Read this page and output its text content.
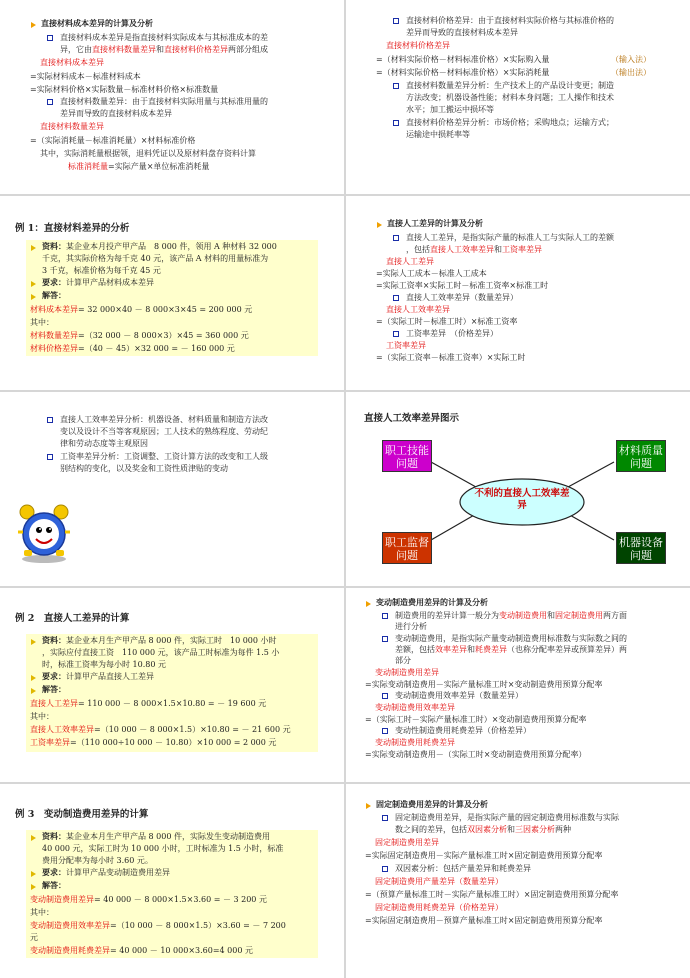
直接材料成本差异的计算及分析
直接材料成本差异是指直接材料实际成本与其标准成本的差
异，它由直接材料数量差异和直接材料价格差异两部分组成
直接材料成本差异
=实际材料成本－标准材料成本
=实际材料价格×实际数量－标准材料价格×标准数量
直接材料数量差异：由于直接材料实际用量与其标准用量的
差异而导致的直接材料成本差异
直接材料数量差异
=（实际消耗量－标准消耗量）×材料标准价格
其中，实际消耗量根据领，退料凭证以及原材料盘存资料计算
标准消耗量=实际产量×单位标准消耗量
直接材料价格差异：由于直接材料实际价格与其标准价格的
差异而导致的直接材料成本差异
直接材料价格差异
=（材料实际价格－材料标准价格）×实际购入量	（输入法）
=（材料实际价格－材料标准价格）×实际消耗量	（输出法）
直接材料数量差异分析：生产技术上的产品设计变更；制造
方法改变；机器设备性能；材料本身问题；工人操作和技术
水平；加工搬运中损坏等
直接材料价格差异分析：市场价格；采购地点；运输方式；
运输途中损耗率等
例 1：直接材料差异的分析
资料：某企业本月投产甲产品　8 000 件，领用 A 种材料 32 000
千克，其实际价格为每千克 40 元，该产品 A 材料的用量标准为
3 千克，标准价格为每千克 45 元
要求：计算甲产品材料成本差异
解答：
材料成本差异= 32 000×40 － 8 000×3×45 = 200 000 元
其中：
材料数量差异=（32 000 － 8 000×3）×45 = 360 000 元
材料价格差异=（40 － 45）×32 000 = － 160 000 元
直接人工差异的计算及分析
直接人工差异，是指实际产量的标准人工与实际人工的差额
，包括直接人工效率差异和工资率差异
直接人工差异
=实际人工成本－标准人工成本
=实际工资率×实际工时－标准工资率×标准工时
直接人工效率差异（数量差异）
直接人工效率差异
=（实际工时－标准工时）×标准工资率
工资率差异　（价格差异）
工资率差异
=（实际工资率－标准工资率）×实际工时
直接人工效率差异分析：机器设备、材料质量和制造方法改
变以及设计不当等客观原因；工人技术的熟练程度、劳动纪
律和劳动态度等主观原因
工资率差异分析：工资调整、工资计算方法的改变和工人级
别结构的变化，以及奖金和工资性质津贴的变动
直接人工效率差异图示
不利的直接人工效率差异
职工技能问题
材料质量问题
职工监督问题
机器设备问题
例 2　直接人工差异的计算
资料：某企业本月生产甲产品 8 000 件，实际工时　10 000 小时
，实际应付直接工资　110 000 元，该产品工时标准为每件 1.5 小
时，标准工资率为每小时 10.80 元
要求：计算甲产品直接人工差异
解答：
直接人工差异= 110 000 － 8 000×1.5×10.80 = － 19 600 元
其中：
直接人工效率差异=（10 000 － 8 000×1.5）×10.80 = － 21 600 元
工资率差异=（110 000÷10 000 － 10.80）×10 000 = 2 000 元
变动制造费用差异的计算及分析
制造费用的差异计算一般分为变动制造费用和固定制造费用两方面
进行分析
变动制造费用，是指实际产量变动制造费用标准数与实际数之间的
差额，包括效率差异和耗费差异（也称分配率差异或预算差异）两
部分
变动制造费用差异
=实际变动制造费用－实际产量标准工时×变动制造费用预算分配率
变动制造费用效率差异（数量差异）
变动制造费用效率差异
=（实际工时－实际产量标准工时）×变动制造费用预算分配率
变动性制造费用耗费差异（价格差异）
变动制造费用耗费差异
=实际变动制造费用－（实际工时×变动制造费用预算分配率）
例 3　变动制造费用差异的计算
资料：某企业本月生产甲产品 8 000 件，实际发生变动制造费用
40 000 元，实际工时为 10 000 小时，工时标准为 1.5 小时，标准
费用分配率为每小时 3.60 元。
要求：计算甲产品变动制造费用差异
解答：
变动制造费用差异= 40 000 － 8 000×1.5×3.60 = － 3 200 元
其中：
变动制造费用效率差异=（10 000 － 8 000×1.5）×3.60 = － 7 200
元
变动制造费用耗费差异= 40 000 － 10 000×3.60=4 000 元
固定制造费用差异的计算及分析
固定制造费用差异，是指实际产量的固定制造费用标准数与实际
数之间的差异，包括双因素分析和三因素分析两种
固定制造费用差异
=实际固定制造费用－实际产量标准工时×固定制造费用预算分配率
双因素分析：包括产量差异和耗费差异
固定制造费用产量差异（数量差异）
=（预算产量标准工时－实际产量标准工时）×固定制造费用预算分配率
固定制造费用耗费差异（价格差异）
=实际固定制造费用－预算产量标准工时×固定制造费用预算分配率
